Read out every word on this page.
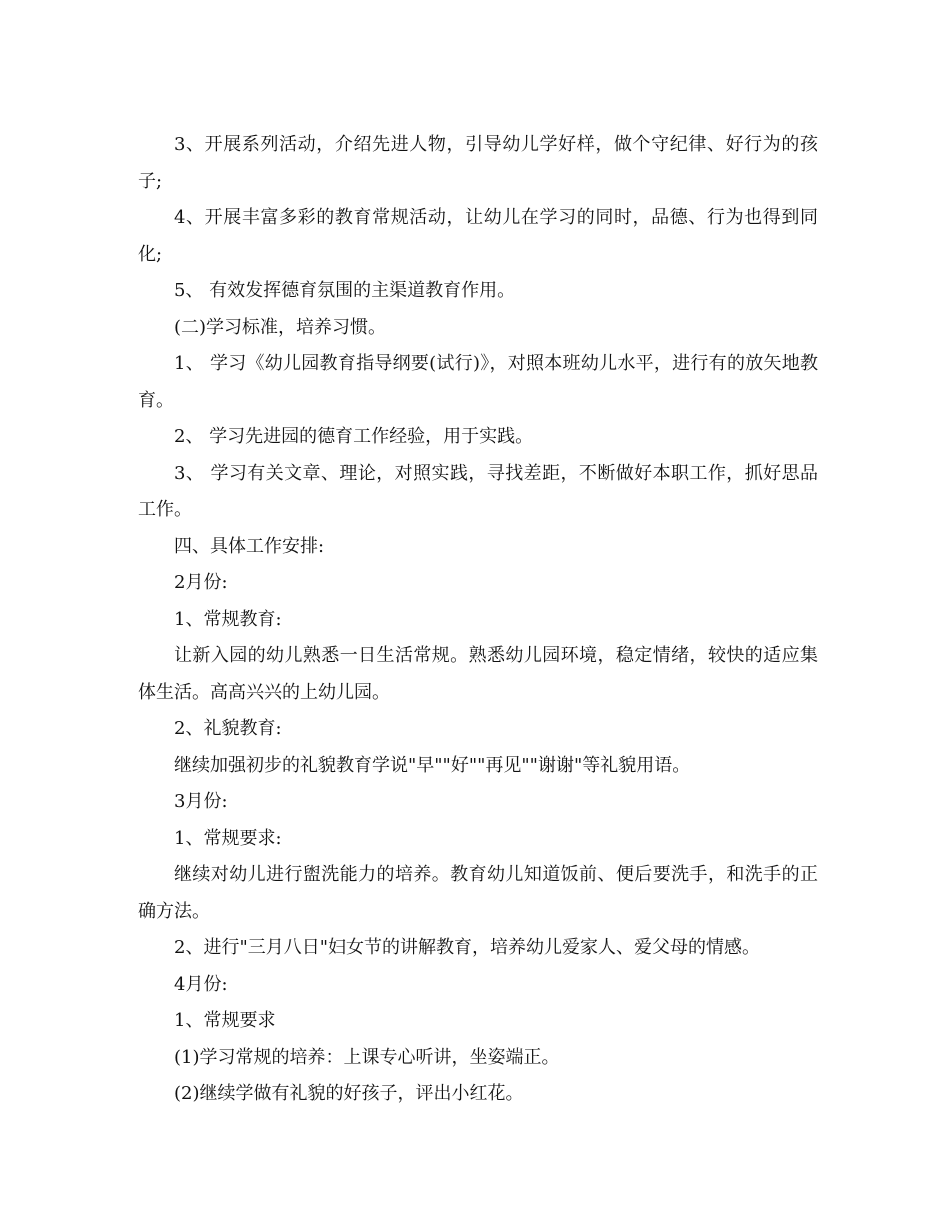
3、开展系列活动，介绍先进人物，引导幼儿学好样，做个守纪律、好行为的孩子;

4、开展丰富多彩的教育常规活动，让幼儿在学习的同时，品德、行为也得到同化;

5、 有效发挥德育氛围的主渠道教育作用。

(二)学习标准，培养习惯。

1、 学习《幼儿园教育指导纲要(试行)》，对照本班幼儿水平，进行有的放矢地教育。

2、 学习先进园的德育工作经验，用于实践。

3、 学习有关文章、理论，对照实践，寻找差距，不断做好本职工作，抓好思品工作。

四、具体工作安排:

2月份:

1、常规教育:

让新入园的幼儿熟悉一日生活常规。熟悉幼儿园环境，稳定情绪，较快的适应集体生活。高高兴兴的上幼儿园。

2、礼貌教育:

继续加强初步的礼貌教育学说"早""好""再见""谢谢"等礼貌用语。

3月份:

1、常规要求:

继续对幼儿进行盥洗能力的培养。教育幼儿知道饭前、便后要洗手，和洗手的正确方法。

2、进行"三月八日"妇女节的讲解教育，培养幼儿爱家人、爱父母的情感。

4月份:

1、常规要求

(1)学习常规的培养：上课专心听讲，坐姿端正。

(2)继续学做有礼貌的好孩子，评出小红花。
